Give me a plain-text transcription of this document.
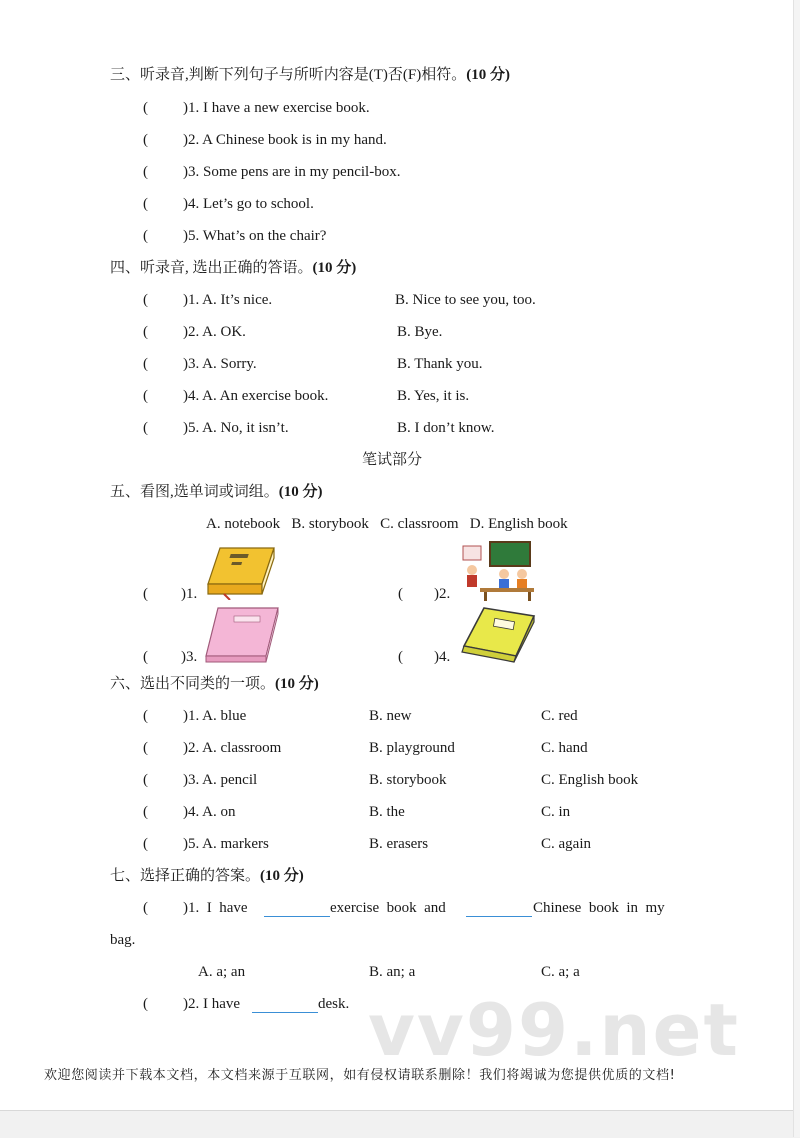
三、听录音,判断下列句子与所听内容是(T)否(F)相符。(10 分)
( )1. I have a new exercise book.
( )2. A Chinese book is in my hand.
( )3. Some pens are in my pencil-box.
( )4. Let’s go to school.
( )5. What’s on the chair?
四、听录音, 选出正确的答语。(10 分)
( )1. A. It’s nice.	B. Nice to see you, too.
( )2. A. OK.	B. Bye.
( )3. A. Sorry.	B. Thank you.
( )4. A. An exercise book.	B. Yes, it is.
( )5. A. No, it isn’t.	B. I don’t know.
笔试部分
五、看图,选单词或词组。(10 分)
A. notebook   B. storybook   C. classroom   D. English book
( )1.	( )2.
( )3.	( )4.
六、选出不同类的一项。(10 分)
( )1. A. blue	B. new	C. red
( )2. A. classroom	B. playground	C. hand
( )3. A. pencil	B. storybook	C. English book
( )4. A. on	B. the	C. in
( )5. A. markers	B. erasers	C. again
七、选择正确的答案。(10 分)
( )1.  I  have	exercise  book  and	Chinese  book  in  my
bag.
A. a; an	B. an; a	C. a; a
( )2. I have	desk. vv99.net
欢迎您阅读并下载本文档，本文档来源于互联网，如有侵权请联系删除！我们将竭诚为您提供优质的文档!
